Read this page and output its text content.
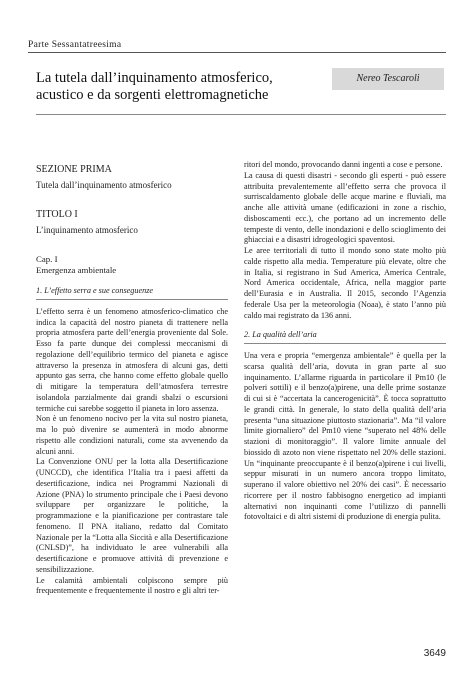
Parte Sessantatreesima
La tutela dall’inquinamento atmosferico,
acustico e da sorgenti elettromagnetiche
Nereo Tescaroli
SEZIONE PRIMA
Tutela dall’inquinamento atmosferico
TITOLO I
L’inquinamento atmosferico
Cap. I
Emergenza ambientale
1. L’effetto serra e sue conseguenze

L’effetto serra è un fenomeno atmosferico-climatico che indica la capacità del nostro pianeta di trattenere nella propria atmosfera parte dell’energia proveniente dal Sole. Esso fa parte dunque dei complessi meccanismi di regolazione dell’equilibrio termico del pianeta e agisce attraverso la presenza in atmosfera di alcuni gas, detti appunto gas serra, che hanno come effetto globale quello di mitigare la temperatura dell’atmosfera terrestre isolandola parzialmente dai grandi sbalzi o escursioni termiche cui sarebbe soggetto il pianeta in loro assenza.

Non è un fenomeno nocivo per la vita sul nostro pianeta, ma lo può divenire se aumenterà in modo abnorme rispetto alle condizioni naturali, come sta avvenendo da alcuni anni.

La Convenzione ONU per la lotta alla Desertificazione (UNCCD), che identifica l’Italia tra i paesi affetti da desertificazione, indica nei Programmi Nazionali di Azione (PNA) lo strumento principale che i Paesi devono sviluppare per organizzare le politiche, la programmazione e la pianificazione per contrastare tale fenomeno. Il PNA italiano, redatto dal Comitato Nazionale per la “Lotta alla Siccità e alla Desertificazione (CNLSD)”, ha individuato le aree vulnerabili alla desertificazione e promuove attività di prevenzione e sensibilizzazione.

Le calamità ambientali colpiscono sempre più frequentemente e frequentemente il nostro e gli altri ter-

ritori del mondo, provocando danni ingenti a cose e persone.

La causa di questi disastri - secondo gli esperti - può essere attribuita prevalentemente all’effetto serra che provoca il surriscaldamento globale delle acque marine e fluviali, ma anche alle attività umane (edificazioni in zone a rischio, disboscamenti ecc.), che portano ad un incremento delle tempeste di vento, delle inondazioni e dello scioglimento dei ghiacciai e a disastri idrogeologici spaventosi.

Le aree territoriali di tutto il mondo sono state molto più calde rispetto alla media. Temperature più elevate, oltre che in Italia, si registrano in Sud America, America Centrale, Nord America occidentale, Africa, nella maggior parte dell’Eurasia e in Australia. Il 2015, secondo l’Agenzia federale Usa per la meteorologia (Noaa), è stato l’anno più caldo mai registrato da 136 anni.

2. La qualità dell’aria

Una vera e propria “emergenza ambientale” è quella per la scarsa qualità dell’aria, dovuta in gran parte al suo inquinamento. L’allarme riguarda in particolare il Pm10 (le polveri sottili) e il benzo(a)pirene, una delle prime sostanze di cui si è “accertata la cancerogenicità”. È tocca soprattutto le grandi città. In generale, lo stato della qualità dell’aria presenta “una situazione piuttosto stazionaria”. Ma “il valore limite giornaliero” del Pm10 viene “superato nel 48% delle stazioni di monitoraggio”. Il valore limite annuale del biossido di azoto non viene rispettato nel 20% delle stazioni. Un “inquinante preoccupante è il benzo(a)pirene i cui livelli, seppur misurati in un numero ancora troppo limitato, superano il valore obiettivo nel 20% dei casi”. È necessario ricorrere per il nostro fabbisogno energetico ad impianti alternativi non inquinanti come l’utilizzo di pannelli fotovoltaici e di altri sistemi di produzione di energia pulita.

3649
